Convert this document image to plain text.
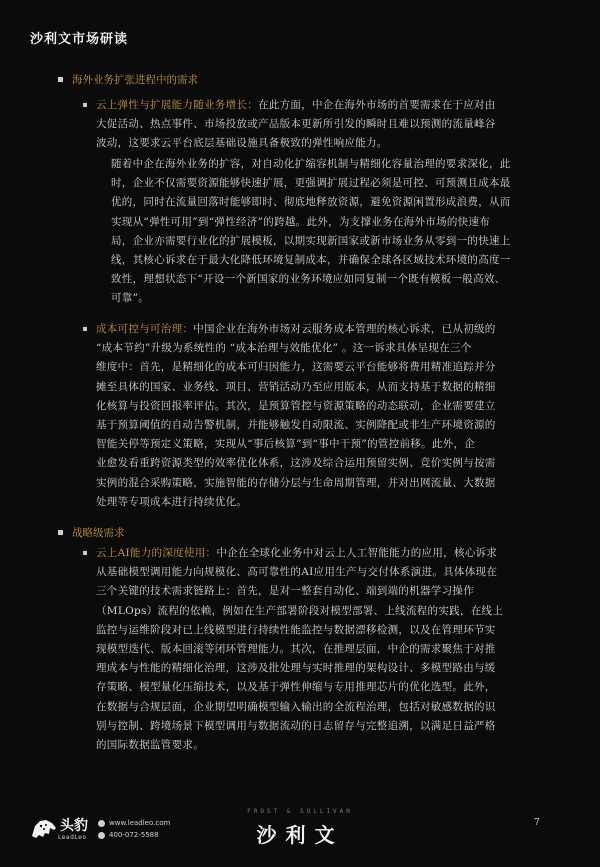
沙利文市场研读
海外业务扩张进程中的需求
云上弹性与扩展能力随业务增长：在此方面，中企在海外市场的首要需求在于应对由
大促活动、热点事件、市场投放或产品版本更新所引发的瞬时且难以预测的流量峰谷
波动，这要求云平台底层基础设施具备极致的弹性响应能力。
随着中企在海外业务的扩容，对自动化扩缩容机制与精细化容量治理的要求深化，此
时，企业不仅需要资源能够快速扩展，更强调扩展过程必须是可控、可预测且成本最
优的，同时在流量回落时能够即时、彻底地释放资源，避免资源闲置形成浪费，从而
实现从“弹性可用”到“弹性经济”的跨越。此外，为支撑业务在海外市场的快速布
局，企业亦需要行业化的扩展模板，以期实现新国家或新市场业务从零到一的快速上
线，其核心诉求在于最大化降低环境复制成本，并确保全球各区域技术环境的高度一
致性，理想状态下“开设一个新国家的业务环境应如同复制一个既有模板一般高效、
可靠”。
成本可控与可治理：中国企业在海外市场对云服务成本管理的核心诉求，已从初级的
“成本节约”升级为系统性的 “成本治理与效能优化” 。这一诉求具体呈现在三个
维度中：首先，是精细化的成本可归因能力，这需要云平台能够将费用精准追踪并分
摊至具体的国家、业务线、项目、营销活动乃至应用版本，从而支持基于数据的精细
化核算与投资回报率评估。其次，是预算管控与资源策略的动态联动，企业需要建立
基于预算阈值的自动告警机制，并能够触发自动限流、实例降配或非生产环境资源的
智能关停等预定义策略，实现从“事后核算”到“事中干预”的管控前移。此外，企
业愈发看重跨资源类型的效率优化体系，这涉及综合运用预留实例、竞价实例与按需
实例的混合采购策略，实施智能的存储分层与生命周期管理，并对出网流量、大数据
处理等专项成本进行持续优化。
战略级需求
云上AI能力的深度使用：中企在全球化业务中对云上人工智能能力的应用，核心诉求
从基础模型调用能力向规模化、高可靠性的AI应用生产与交付体系演进。具体体现在
三个关键的技术需求链路上：首先，是对一整套自动化、端到端的机器学习操作
（MLOps）流程的依赖，例如在生产部署阶段对模型部署、上线流程的实践，在线上
监控与运维阶段对已上线模型进行持续性能监控与数据漂移检测，以及在管理环节实
现模型迭代、版本回滚等闭环管理能力。其次，在推理层面，中企的需求聚焦于对推
理成本与性能的精细化治理，这涉及批处理与实时推理的架构设计、多模型路由与缓
存策略、模型量化压缩技术，以及基于弹性伸缩与专用推理芯片的优化选型。此外，
在数据与合规层面，企业期望明确模型输入输出的全流程治理，包括对敏感数据的识
别与控制、跨境场景下模型调用与数据流动的日志留存与完整追溯，以满足日益严格
的国际数据监管要求。
头豹
LeadLeo
www.leadleo.com
400-072-5588
FROST & SULLIVAN
沙利文	7
